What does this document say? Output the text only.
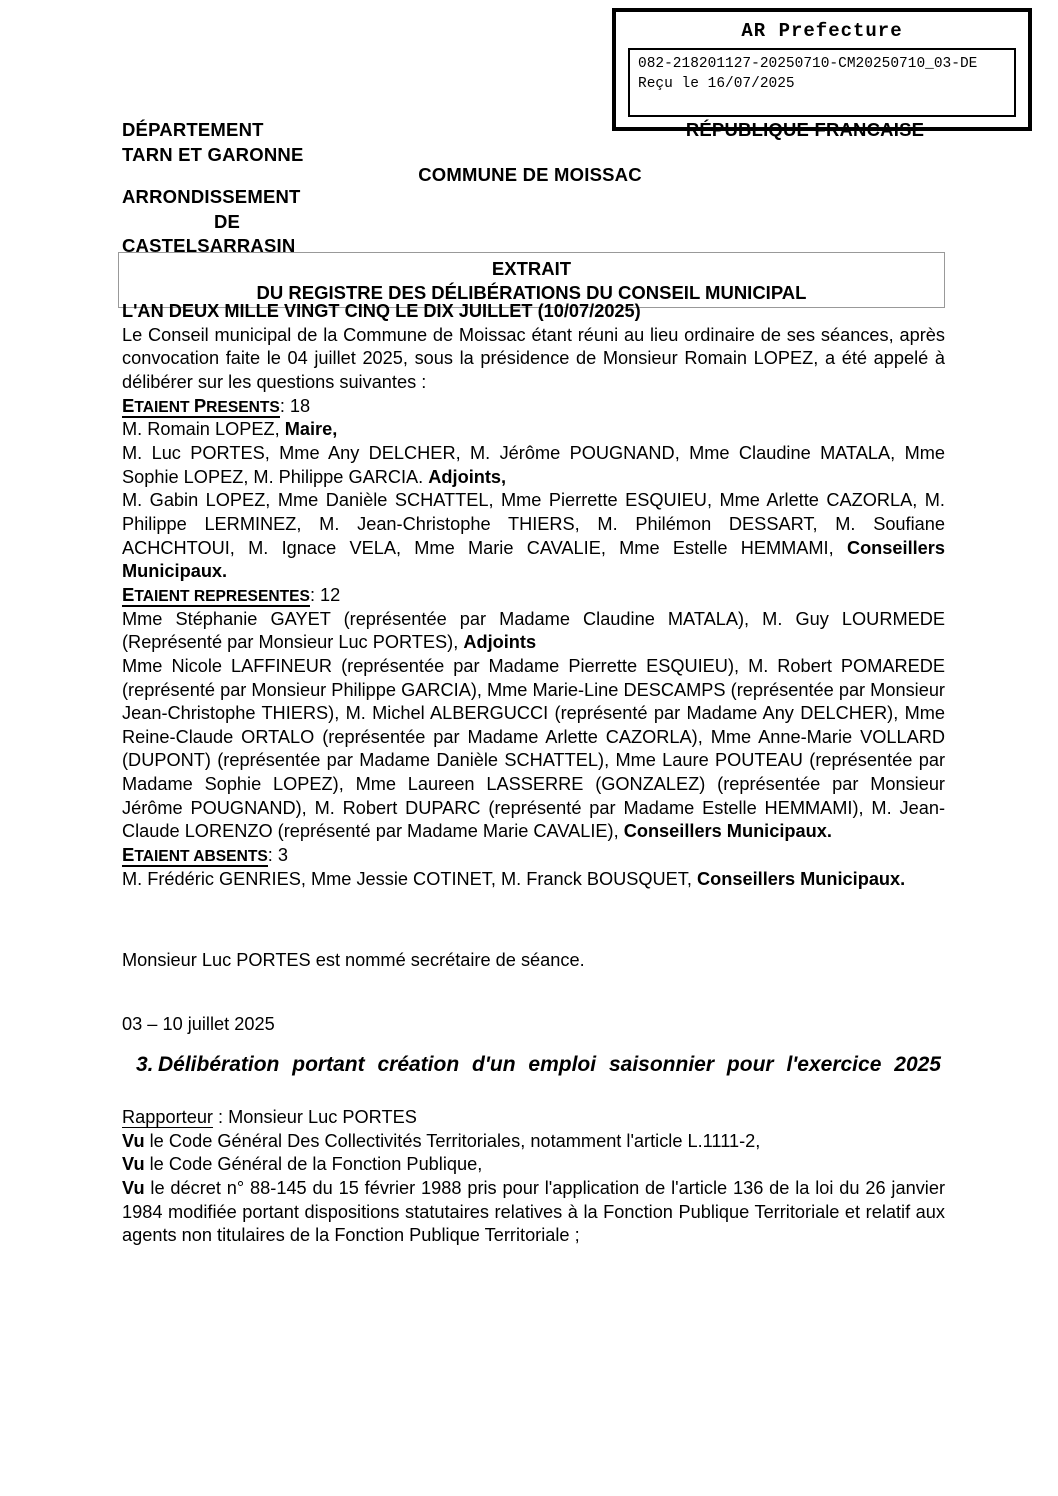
AR Prefecture
082-218201127-20250710-CM20250710_03-DE
Reçu le 16/07/2025
DÉPARTEMENT
TARN ET GARONNE
ARRONDISSEMENT
DE
CASTELSARRASIN
RÉPUBLIQUE FRANCAISE
COMMUNE DE MOISSAC
EXTRAIT
DU REGISTRE DES DÉLIBÉRATIONS DU CONSEIL MUNICIPAL

L'AN DEUX MILLE VINGT CINQ LE DIX JUILLET (10/07/2025)

Le Conseil municipal de la Commune de Moissac étant réuni au lieu ordinaire de ses séances, après convocation faite le 04 juillet 2025, sous la présidence de Monsieur Romain LOPEZ, a été appelé à délibérer sur les questions suivantes :

ETAIENT PRESENTS: 18

M. Romain LOPEZ, Maire,

M. Luc PORTES, Mme Any DELCHER, M. Jérôme POUGNAND, Mme Claudine MATALA, Mme Sophie LOPEZ, M. Philippe GARCIA. Adjoints,

M. Gabin LOPEZ, Mme Danièle SCHATTEL, Mme Pierrette ESQUIEU, Mme Arlette CAZORLA, M. Philippe LERMINEZ, M. Jean-Christophe THIERS, M. Philémon DESSART, M. Soufiane ACHCHTOUI, M. Ignace VELA, Mme Marie CAVALIE, Mme Estelle HEMMAMI, Conseillers Municipaux.

ETAIENT REPRESENTES: 12

Mme Stéphanie GAYET (représentée par Madame Claudine MATALA), M. Guy LOURMEDE (Représenté par Monsieur Luc PORTES), Adjoints

Mme Nicole LAFFINEUR (représentée par Madame Pierrette ESQUIEU), M. Robert POMAREDE (représenté par Monsieur Philippe GARCIA), Mme Marie-Line DESCAMPS (représentée par Monsieur Jean-Christophe THIERS), M. Michel ALBERGUCCI (représenté par Madame Any DELCHER), Mme Reine-Claude ORTALO (représentée par Madame Arlette CAZORLA), Mme Anne-Marie VOLLARD (DUPONT) (représentée par Madame Danièle SCHATTEL), Mme Laure POUTEAU (représentée par Madame Sophie LOPEZ), Mme Laureen LASSERRE (GONZALEZ) (représentée par Monsieur Jérôme POUGNAND), M. Robert DUPARC (représenté par Madame Estelle HEMMAMI), M. Jean-Claude LORENZO (représenté par Madame Marie CAVALIE), Conseillers Municipaux.

ETAIENT ABSENTS: 3

M. Frédéric GENRIES, Mme Jessie COTINET, M. Franck BOUSQUET, Conseillers Municipaux.

Monsieur Luc PORTES est nommé secrétaire de séance.

03 – 10 juillet 2025

3. Délibération portant création d'un emploi saisonnier pour l'exercice 2025

Rapporteur : Monsieur Luc PORTES

Vu le Code Général Des Collectivités Territoriales, notamment l'article L.1111-2,

Vu le Code Général de la Fonction Publique,

Vu le décret n° 88-145 du 15 février 1988 pris pour l'application de l'article 136 de la loi du 26 janvier 1984 modifiée portant dispositions statutaires relatives à la Fonction Publique Territoriale et relatif aux agents non titulaires de la Fonction Publique Territoriale ;
